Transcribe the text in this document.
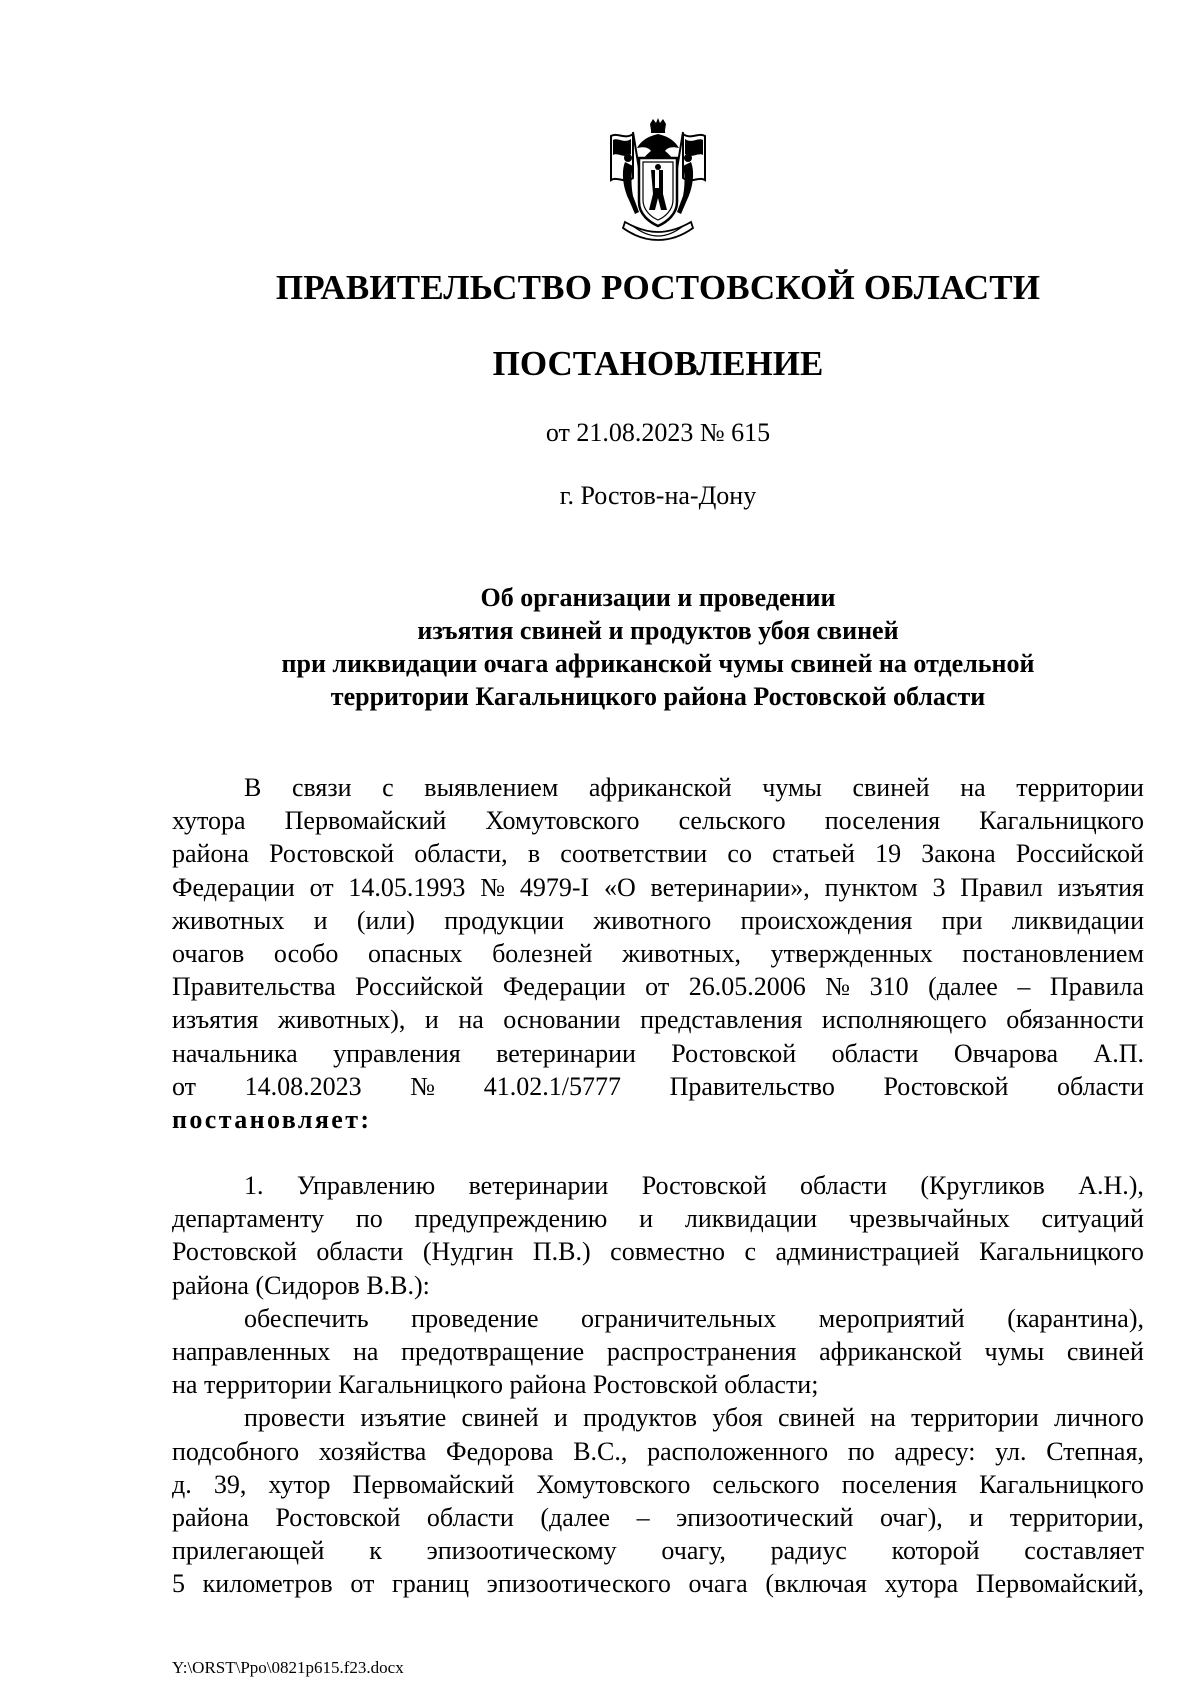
ПРАВИТЕЛЬСТВО РОСТОВСКОЙ ОБЛАСТИ
ПОСТАНОВЛЕНИЕ
от 21.08.2023 № 615
г. Ростов-на-Дону
Об организации и проведении
изъятия свиней и продуктов убоя свиней
при ликвидации очага африканской чумы свиней на отдельной
территории Кагальницкого района Ростовской области
В связи с выявлением африканской чумы свиней на территории
хутора Первомайский Хомутовского сельского поселения Кагальницкого
района Ростовской области, в соответствии со статьей 19 Закона Российской
Федерации от 14.05.1993 № 4979-I «О ветеринарии», пунктом 3 Правил изъятия
животных и (или) продукции животного происхождения при ликвидации
очагов особо опасных болезней животных, утвержденных постановлением
Правительства Российской Федерации от 26.05.2006 № 310 (далее – Правила
изъятия животных), и на основании представления исполняющего обязанности
начальника управления ветеринарии Ростовской области Овчарова А.П.
от 14.08.2023 № 41.02.1/5777 Правительство Ростовской области
постановляет:
1. Управлению ветеринарии Ростовской области (Кругликов А.Н.),
департаменту по предупреждению и ликвидации чрезвычайных ситуаций
Ростовской области (Нудгин П.В.) совместно с администрацией Кагальницкого
района (Сидоров В.В.):
обеспечить проведение ограничительных мероприятий (карантина),
направленных на предотвращение распространения африканской чумы свиней
на территории Кагальницкого района Ростовской области;
провести изъятие свиней и продуктов убоя свиней на территории личного
подсобного хозяйства Федорова В.С., расположенного по адресу: ул. Степная,
д. 39, хутор Первомайский Хомутовского сельского поселения Кагальницкого
района Ростовской области (далее – эпизоотический очаг), и территории,
прилегающей к эпизоотическому очагу, радиус которой составляет
5 километров от границ эпизоотического очага (включая хутора Первомайский,
Y:\ORST\Ppo\0821p615.f23.docx
